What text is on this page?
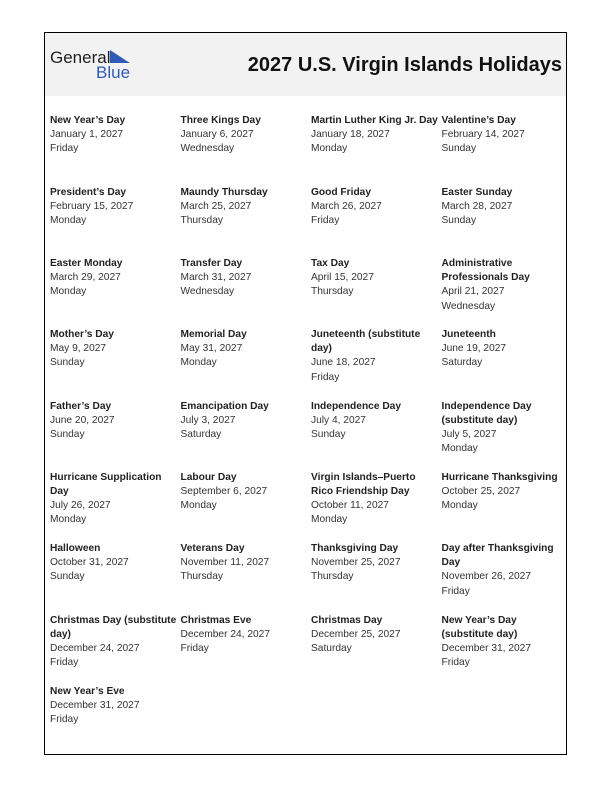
General
Blue	2027 U.S. Virgin Islands Holidays
New Year’s Day
January 1, 2027
Friday
Three Kings Day
January 6, 2027
Wednesday
Martin Luther King Jr. Day
January 18, 2027
Monday
Valentine’s Day
February 14, 2027
Sunday
President’s Day
February 15, 2027
Monday
Maundy Thursday
March 25, 2027
Thursday
Good Friday
March 26, 2027
Friday
Easter Sunday
March 28, 2027
Sunday
Easter Monday
March 29, 2027
Monday
Transfer Day
March 31, 2027
Wednesday
Tax Day
April 15, 2027
Thursday
Administrative Professionals Day
April 21, 2027
Wednesday
Mother’s Day
May 9, 2027
Sunday
Memorial Day
May 31, 2027
Monday
Juneteenth (substitute day)
June 18, 2027
Friday
Juneteenth
June 19, 2027
Saturday
Father’s Day
June 20, 2027
Sunday
Emancipation Day
July 3, 2027
Saturday
Independence Day
July 4, 2027
Sunday
Independence Day (substitute day)
July 5, 2027
Monday
Hurricane Supplication Day
July 26, 2027
Monday
Labour Day
September 6, 2027
Monday
Virgin Islands–Puerto Rico Friendship Day
October 11, 2027
Monday
Hurricane Thanksgiving
October 25, 2027
Monday
Halloween
October 31, 2027
Sunday
Veterans Day
November 11, 2027
Thursday
Thanksgiving Day
November 25, 2027
Thursday
Day after Thanksgiving Day
November 26, 2027
Friday
Christmas Day (substitute day)
December 24, 2027
Friday
Christmas Eve
December 24, 2027
Friday
Christmas Day
December 25, 2027
Saturday
New Year’s Day (substitute day)
December 31, 2027
Friday
New Year’s Eve
December 31, 2027
Friday
